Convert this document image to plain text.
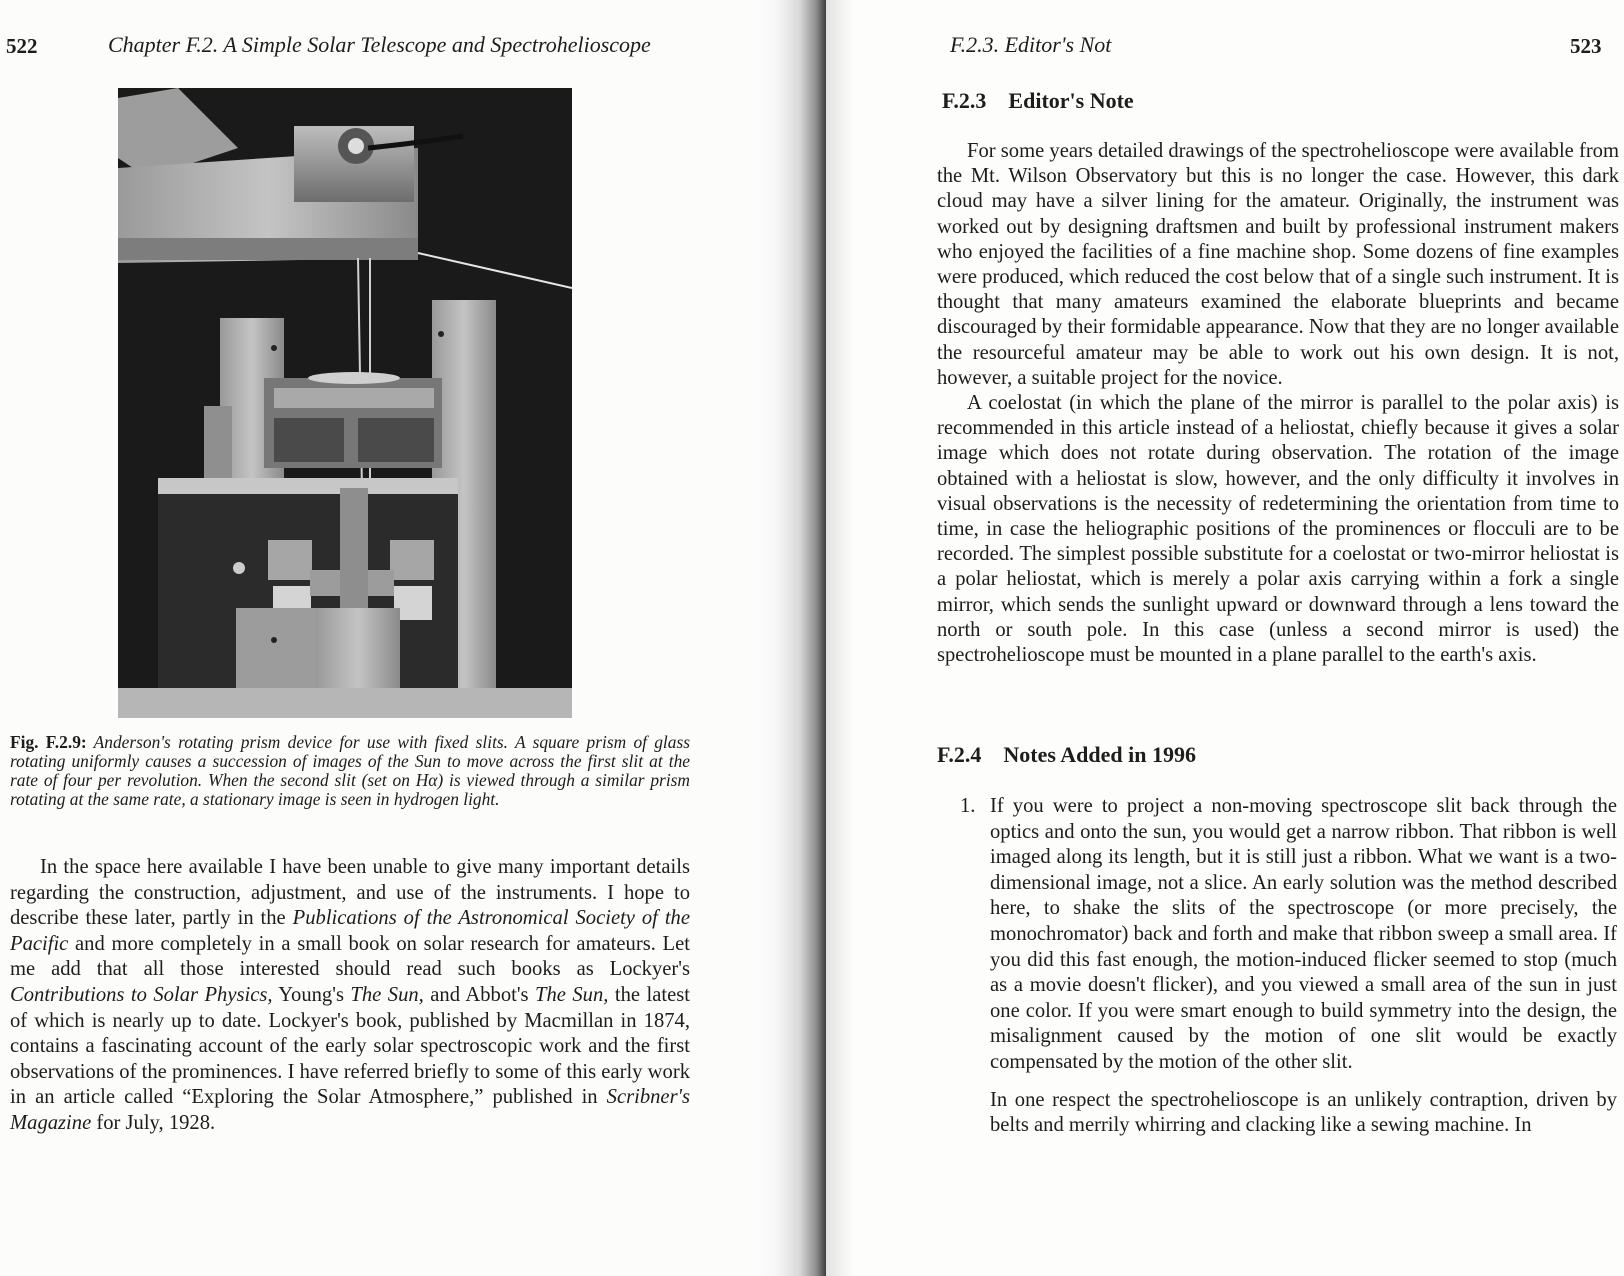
522	Chapter F.2. A Simple Solar Telescope and Spectrohelioscope
Fig. F.2.9: Anderson's rotating prism device for use with fixed slits. A square prism of glass rotating uniformly causes a succession of images of the Sun to move across the first slit at the rate of four per revolution. When the second slit (set on Hα) is viewed through a similar prism rotating at the same rate, a stationary image is seen in hydrogen light.

In the space here available I have been unable to give many important details regarding the construction, adjustment, and use of the instruments. I hope to describe these later, partly in the Publications of the Astronomical Society of the Pacific and more completely in a small book on solar research for amateurs. Let me add that all those interested should read such books as Lockyer's Contributions to Solar Physics, Young's The Sun, and Abbot's The Sun, the latest of which is nearly up to date. Lockyer's book, published by Macmillan in 1874, contains a fascinating account of the early solar spectroscopic work and the first observations of the prominences. I have referred briefly to some of this early work in an article called “Exploring the Solar Atmosphere,” published in Scribner's Magazine for July, 1928.

523
F.2.3. Editor's Not
F.2.3 Editor's Note
F.2.4 Notes Added in 1996

For some years detailed drawings of the spectrohelioscope were available from the Mt. Wilson Observatory but this is no longer the case. However, this dark cloud may have a silver lining for the amateur. Originally, the instrument was worked out by designing draftsmen and built by professional instrument makers who enjoyed the facilities of a fine machine shop. Some dozens of fine examples were produced, which reduced the cost below that of a single such instrument. It is thought that many amateurs examined the elaborate blueprints and became discouraged by their formidable appearance. Now that they are no longer available the resourceful amateur may be able to work out his own design. It is not, however, a suitable project for the novice.

A coelostat (in which the plane of the mirror is parallel to the polar axis) is recommended in this article instead of a heliostat, chiefly because it gives a solar image which does not rotate during observation. The rotation of the image obtained with a heliostat is slow, however, and the only difficulty it involves in visual observations is the necessity of redetermining the orientation from time to time, in case the heliographic positions of the prominences or flocculi are to be recorded. The simplest possible substitute for a coelostat or two-mirror heliostat is a polar heliostat, which is merely a polar axis carrying within a fork a single mirror, which sends the sunlight upward or downward through a lens toward the north or south pole. In this case (unless a second mirror is used) the spectrohelioscope must be mounted in a plane parallel to the earth's axis.

1. If you were to project a non-moving spectroscope slit back through the optics and onto the sun, you would get a narrow ribbon. That ribbon is well imaged along its length, but it is still just a ribbon. What we want is a two-dimensional image, not a slice. An early solution was the method described here, to shake the slits of the spectroscope (or more precisely, the monochromator) back and forth and make that ribbon sweep a small area. If you did this fast enough, the motion-induced flicker seemed to stop (much as a movie doesn't flicker), and you viewed a small area of the sun in just one color. If you were smart enough to build symmetry into the design, the misalignment caused by the motion of one slit would be exactly compensated by the motion of the other slit.

In one respect the spectrohelioscope is an unlikely contraption, driven by belts and merrily whirring and clacking like a sewing machine. In
